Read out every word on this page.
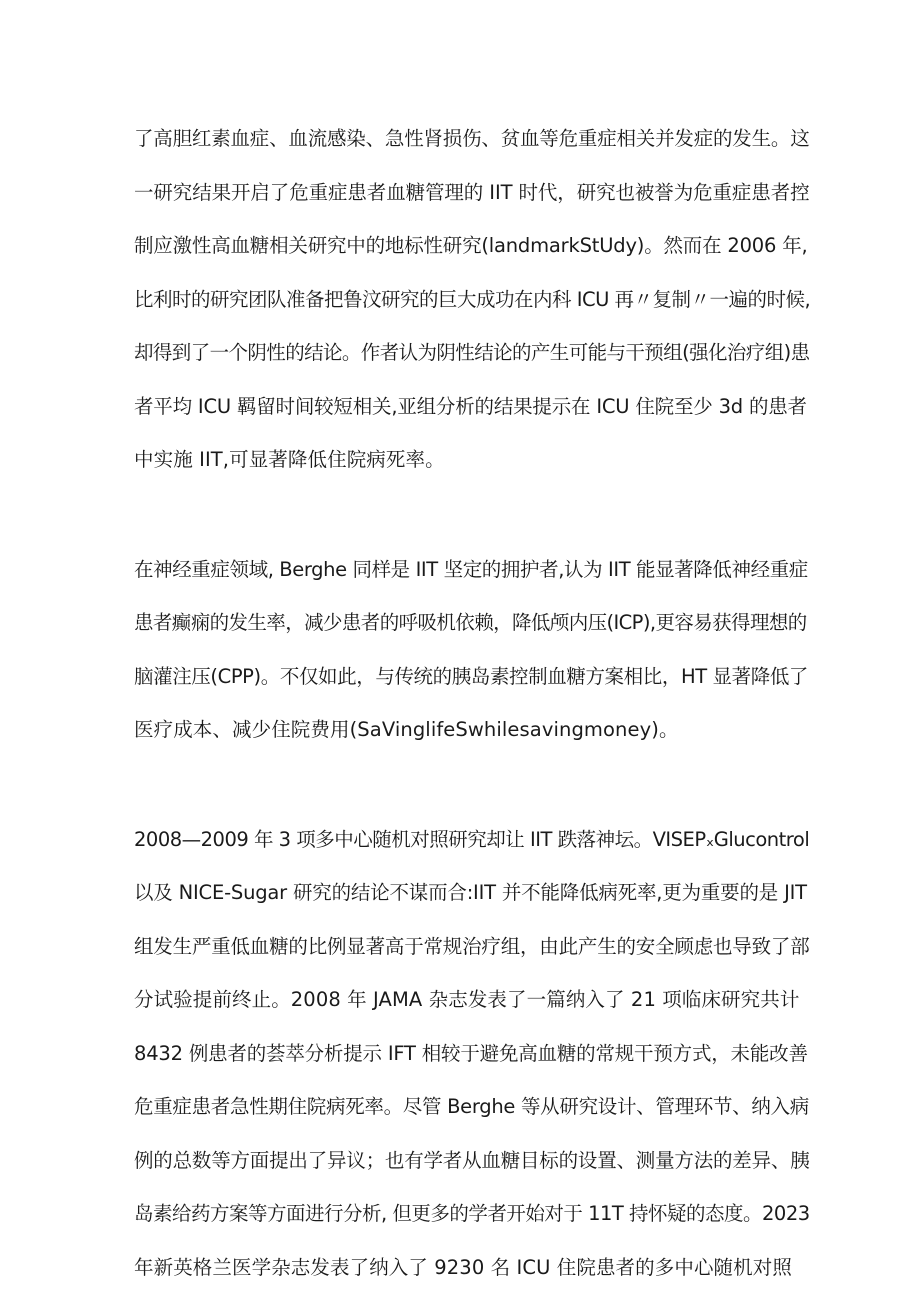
了高胆红素血症、血流感染、急性肾损伤、贫血等危重症相关并发症的发生。这
一研究结果开启了危重症患者血糖管理的 IIT 时代，研究也被誉为危重症患者控
制应激性高血糖相关研究中的地标性研究(landmarkStUdy)。然而在 2006 年,
比利时的研究团队准备把鲁汶研究的巨大成功在内科 ICU 再〃复制〃一遍的时候,
却得到了一个阴性的结论。作者认为阴性结论的产生可能与干预组(强化治疗组)患
者平均 ICU 羁留时间较短相关,亚组分析的结果提示在 ICU 住院至少 3d 的患者
中实施 IIT,可显著降低住院病死率。
在神经重症领域, Berghe 同样是 IIT 坚定的拥护者,认为 IIT 能显著降低神经重症
患者癫痫的发生率，减少患者的呼吸机依赖，降低颅内压(ICP),更容易获得理想的
脑灌注压(CPP)。不仅如此，与传统的胰岛素控制血糖方案相比，HT 显著降低了
医疗成本、减少住院费用(SaVinglifeSwhilesavingmoney)。
2008—2009 年 3 项多中心随机对照研究却让 IIT 跌落神坛。VISEPₓGlucontrol
以及 NICE-Sugar 研究的结论不谋而合:IIT 并不能降低病死率,更为重要的是 JIT
组发生严重低血糖的比例显著高于常规治疗组，由此产生的安全顾虑也导致了部
分试验提前终止。2008 年 JAMA 杂志发表了一篇纳入了 21 项临床研究共计
8432 例患者的荟萃分析提示 IFT 相较于避免高血糖的常规干预方式，未能改善
危重症患者急性期住院病死率。尽管 Berghe 等从研究设计、管理环节、纳入病
例的总数等方面提出了异议；也有学者从血糖目标的设置、测量方法的差异、胰
岛素给药方案等方面进行分析, 但更多的学者开始对于 11T 持怀疑的态度。2023
年新英格兰医学杂志发表了纳入了 9230 名 ICU 住院患者的多中心随机对照
